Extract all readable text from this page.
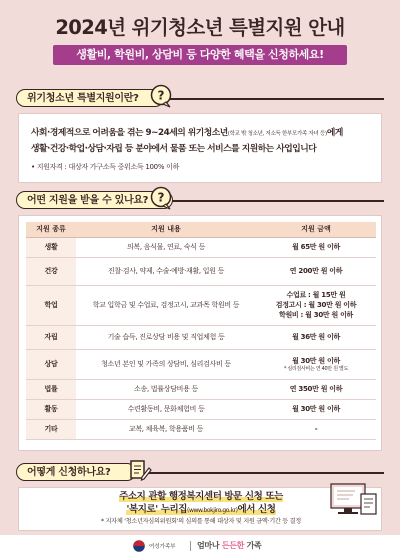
2024년 위기청소년 특별지원 안내
생활비, 학원비, 상담비 등 다양한 혜택을 신청하세요!
위기청소년 특별지원이란?	?
사회·경제적으로 어려움을 겪는 9~24세의 위기청소년(학교 밖 청소년, 저소득 한부모가족 자녀 등)에게
생활·건강·학업·상담·자립 등 분야에서 물품 또는 서비스를 지원하는 사업입니다
• 지원자격 : 대상자 가구소득 중위소득 100% 이하
어떤 지원을 받을 수 있나요? ?
지원 종류	지원 내용	지원 금액
생활	의복, 음식물, 연료, 숙식 등	월 65만 원 이하
건강	진찰·검사, 약제, 수술·예방·재활, 입원 등	연 200만 원 이하
학업	학교 입학금 및 수업료, 검정고시, 교과목 학원비 등	수업료 : 월 15만 원
검정고시 : 월 30만 원 이하
학원비 : 월 30만 원 이하
자립	기술 습득, 진로상담 비용 및 직업체험 등	월 36만 원 이하
상담	청소년 본인 및 가족의 상담비, 심리검사비 등	월 30만 원 이하
* 심리검사비는 연 40만 원 별도

법률	소송, 법률상담비용 등	연 350만 원 이하
활동	수련활동비, 문화체험비 등	월 30만 원 이하
기타	교복, 체육복, 학용품비 등	-
어떻게 신청하나요?
주소지 관할 행정복지센터 방문 신청 또는
'복지로' 누리집(www.bokjiro.go.kr)에서 신청
* 지자체 '청소년자심의위원회'의 심의를 통해 대상자 및 지원 금액·기간 등 결정
여성가족부	엄마나 든든한 가족
